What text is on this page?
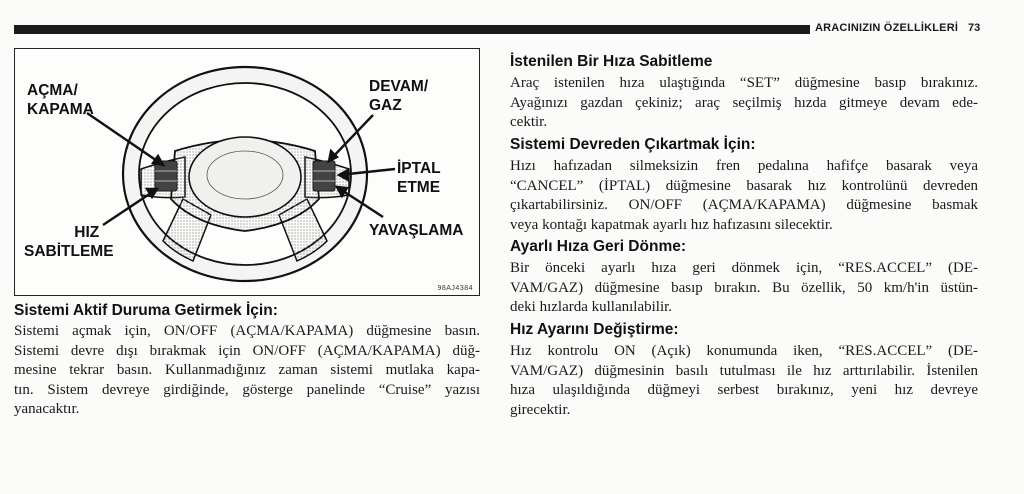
ARACINIZIN ÖZELLİKLERİ 73
AÇMA/
KAPAMA
DEVAM/
GAZ
İPTAL
ETME
HIZ
SABİTLEME
YAVAŞLAMA
98AJ4384
Sistemi Aktif Duruma Getirmek İçin:
Sistemi açmak için, ON/OFF (AÇMA/KAPAMA) düğmesine basın.
Sistemi devre dışı bırakmak için ON/OFF (AÇMA/KAPAMA) düğ-
mesine tekrar basın. Kullanmadığınız zaman sistemi mutlaka kapa-
tın. Sistem devreye girdiğinde, gösterge panelinde “Cruise” yazısı
yanacaktır.
İstenilen Bir Hıza Sabitleme
Araç istenilen hıza ulaştığında “SET” düğmesine basıp bırakınız.
Ayağınızı gazdan çekiniz; araç seçilmiş hızda gitmeye devam ede-
cektir.
Sistemi Devreden Çıkartmak İçin:
Hızı hafızadan silmeksizin fren pedalına hafifçe basarak veya
“CANCEL” (İPTAL) düğmesine basarak hız kontrolünü devreden
çıkartabilirsiniz. ON/OFF (AÇMA/KAPAMA) düğmesine basmak
veya kontağı kapatmak ayarlı hız hafızasını silecektir.
Ayarlı Hıza Geri Dönme:
Bir önceki ayarlı hıza geri dönmek için, “RES.ACCEL” (DE-
VAM/GAZ) düğmesine basıp bırakın. Bu özellik, 50 km/h'in üstün-
deki hızlarda kullanılabilir.
Hız Ayarını Değiştirme:
Hız kontrolu ON (Açık) konumunda iken, “RES.ACCEL” (DE-
VAM/GAZ) düğmesinin basılı tutulması ile hız arttırılabilir. İstenilen
hıza ulaşıldığında düğmeyi serbest bırakınız, yeni hız devreye
girecektir.
